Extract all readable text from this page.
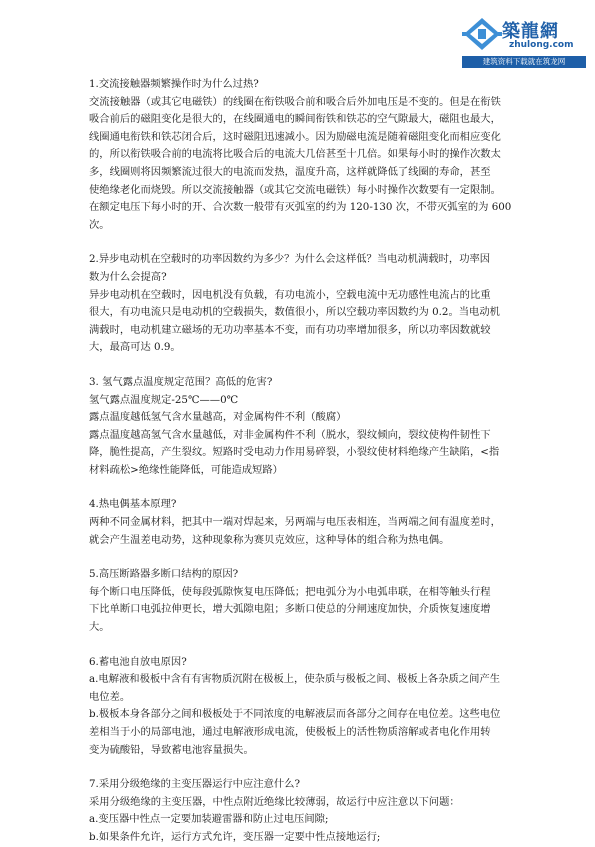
築龍網
zhulong.com
建筑资料下载就在筑龙网
1.交流接触器频繁操作时为什么过热?
交流接触器（或其它电磁铁）的线圈在衔铁吸合前和吸合后外加电压是不变的。但是在衔铁
吸合前后的磁阻变化是很大的，在线圈通电的瞬间衔铁和铁芯的空气隙最大，磁阻也最大，
线圈通电衔铁和铁芯闭合后，这时磁阻迅速减小。因为励磁电流是随着磁阻变化而相应变化
的，所以衔铁吸合前的电流将比吸合后的电流大几倍甚至十几倍。如果每小时的操作次数太
多，线圈则将因频繁流过很大的电流而发热，温度升高，这样就降低了线圈的寿命，甚至
使绝缘老化而烧毁。所以交流接触器（或其它交流电磁铁）每小时操作次数要有一定限制。
在额定电压下每小时的开、合次数一般带有灭弧室的约为 120-130 次，不带灭弧室的为 600
次。
2.异步电动机在空载时的功率因数约为多少？为什么会这样低？当电动机满载时，功率因
数为什么会提高?
异步电动机在空载时，因电机没有负载，有功电流小，空载电流中无功感性电流占的比重
很大，有功电流只是电动机的空载损失，数值很小，所以空载功率因数约为 0.2。当电动机
满载时，电动机建立磁场的无功功率基本不变，而有功功率增加很多，所以功率因数就较
大，最高可达 0.9。
3. 氢气露点温度规定范围？高低的危害?
氢气露点温度规定-25℃——0℃
露点温度越低氢气含水量越高，对金属构件不利（酸腐）
露点温度越高氢气含水量越低，对非金属构件不利（脱水，裂纹倾向，裂纹使构件韧性下
降，脆性提高，产生裂纹。短路时受电动力作用易碎裂，小裂纹使材料绝缘产生缺陷，<指
材料疏松>绝缘性能降低，可能造成短路）
4.热电偶基本原理?
两种不同金属材料，把其中一端对焊起来，另两端与电压表相连，当两端之间有温度差时，
就会产生温差电动势，这种现象称为赛贝克效应，这种导体的组合称为热电偶。
5.高压断路器多断口结构的原因?
每个断口电压降低，使每段弧隙恢复电压降低；把电弧分为小电弧串联，在相等触头行程
下比单断口电弧拉伸更长，增大弧隙电阻；多断口使总的分闸速度加快，介质恢复速度增
大。
6.蓄电池自放电原因?
a.电解液和极板中含有有害物质沉附在极板上，使杂质与极板之间、极板上各杂质之间产生
电位差。
b.极板本身各部分之间和极板处于不同浓度的电解液层而各部分之间存在电位差。这些电位
差相当于小的局部电池，通过电解液形成电流，使极板上的活性物质溶解或者电化作用转
变为硫酸铅，导致蓄电池容量损失。
7.采用分级绝缘的主变压器运行中应注意什么?
采用分级绝缘的主变压器，中性点附近绝缘比较薄弱，故运行中应注意以下问题：
a.变压器中性点一定要加装避雷器和防止过电压间隙;
b.如果条件允许，运行方式允许，变压器一定要中性点接地运行;
